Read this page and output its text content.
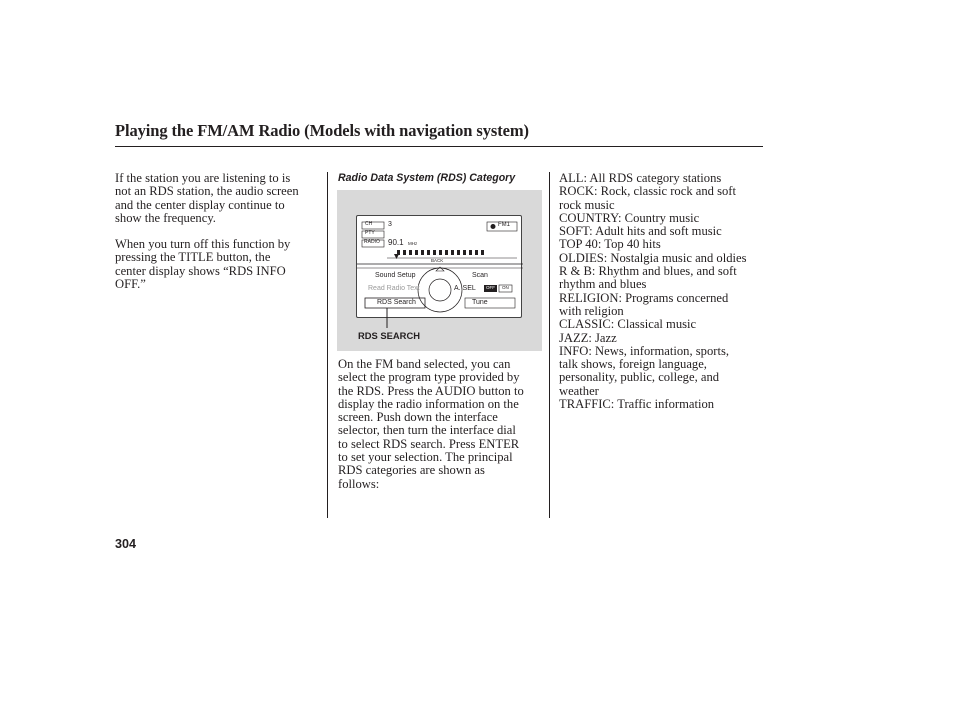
Playing the FM/AM Radio (Models with navigation system)
If the station you are listening to is
not an RDS station, the audio screen
and the center display continue to
show the frequency.
When you turn off this function by
pressing the TITLE button, the
center display shows “RDS INFO
OFF.”
Radio Data System (RDS) Category
CH
PTY
RADIO
3	FM1
90.1 MHz
BACK
Sound Setup
Read Radio Text
RDS Search
Scan
A. SEL
Tune
OFF ON
RDS SEARCH
On the FM band selected, you can
select the program type provided by
the RDS. Press the AUDIO button to
display the radio information on the
screen. Push down the interface
selector, then turn the interface dial
to select RDS search. Press ENTER
to set your selection. The principal
RDS categories are shown as
follows:
ALL: All RDS category stations
ROCK: Rock, classic rock and soft
rock music
COUNTRY: Country music
SOFT: Adult hits and soft music
TOP 40: Top 40 hits
OLDIES: Nostalgia music and oldies
R & B: Rhythm and blues, and soft
rhythm and blues
RELIGION: Programs concerned
with religion
CLASSIC: Classical music
JAZZ: Jazz
INFO: News, information, sports,
talk shows, foreign language,
personality, public, college, and
weather
TRAFFIC: Traffic information
304
